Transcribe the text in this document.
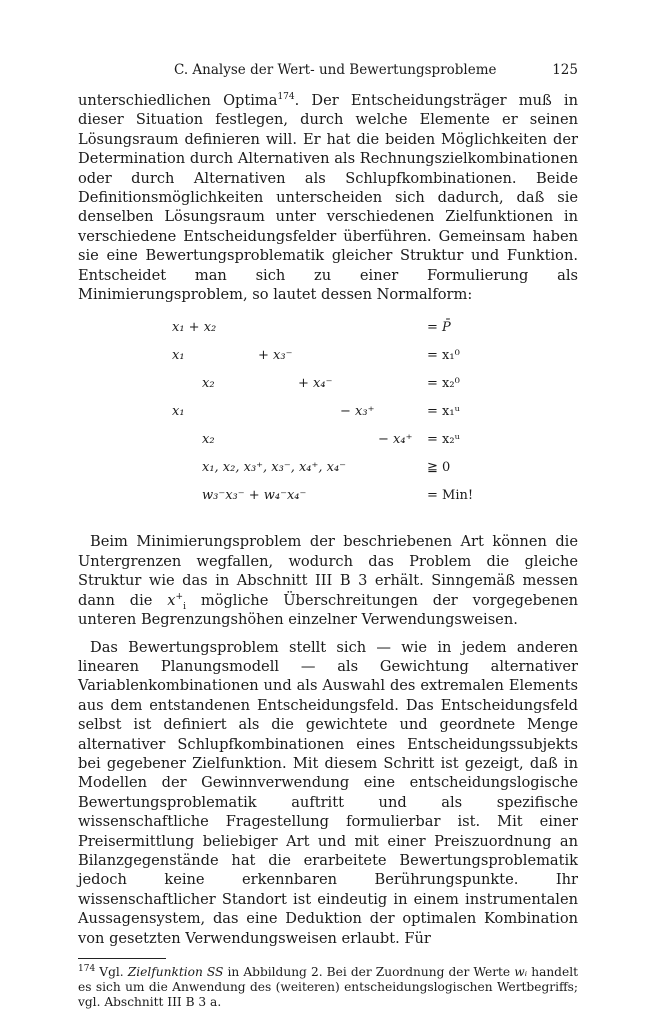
C. Analyse der Wert- und Bewertungsprobleme	125

unterschiedlichen Optima$^{174}$. Der Entscheidungsträger muß in dieser Situation festlegen, durch welche Elemente er seinen Lösungsraum definieren will. Er hat die beiden Möglichkeiten der Determination durch Alternativen als Rechnungszielkombinationen oder durch Alternativen als Schlupfkombinationen. Beide Definitionsmöglichkeiten unterscheiden sich dadurch, daß sie denselben Lösungsraum unter verschiedenen Zielfunktionen in verschiedene Entscheidungsfelder überführen. Gemeinsam haben sie eine Bewertungsproblematik gleicher Struktur und Funktion. Entscheidet man sich zu einer Formulierung als Minimierungsproblem, so lautet dessen Normalform:

x₁ + x₂	= P̄
x₁	+ x₃⁻	= x₁⁰
x₂	+ x₄⁻	= x₂⁰
x₁	− x₃⁺	= x₁ᵘ
x₂	− x₄⁺ = x₂ᵘ
x₁, x₂, x₃⁺, x₃⁻, x₄⁺, x₄⁻	≧ 0
w₃⁻x₃⁻ + w₄⁻x₄⁻	= Min!

Beim Minimierungsproblem der beschriebenen Art können die Untergrenzen wegfallen, wodurch das Problem die gleiche Struktur wie das in Abschnitt III B 3 erhält. Sinngemäß messen dann die $x^+_i$ mögliche Überschreitungen der vorgegebenen unteren Begrenzungshöhen einzelner Verwendungsweisen.

Das Bewertungsproblem stellt sich — wie in jedem anderen linearen Planungsmodell — als Gewichtung alternativer Variablenkombinationen und als Auswahl des extremalen Elements aus dem entstandenen Entscheidungsfeld. Das Entscheidungsfeld selbst ist definiert als die gewichtete und geordnete Menge alternativer Schlupfkombinationen eines Entscheidungssubjekts bei gegebener Zielfunktion. Mit diesem Schritt ist gezeigt, daß in Modellen der Gewinnverwendung eine entscheidungslogische Bewertungsproblematik auftritt und als spezifische wissenschaftliche Fragestellung formulierbar ist. Mit einer Preisermittlung beliebiger Art und mit einer Preiszuordnung an Bilanzgegenstände hat die erarbeitete Bewertungsproblematik jedoch keine erkennbaren Berührungspunkte. Ihr wissenschaftlicher Standort ist eindeutig in einem instrumentalen Aussagensystem, das eine Deduktion der optimalen Kombination von gesetzten Verwendungsweisen erlaubt. Für

$^{174}$ Vgl. Zielfunktion SS in Abbildung 2. Bei der Zuordnung der Werte wᵢ handelt es sich um die Anwendung des (weiteren) entscheidungslogischen Wertbegriffs; vgl. Abschnitt III B 3 a.
